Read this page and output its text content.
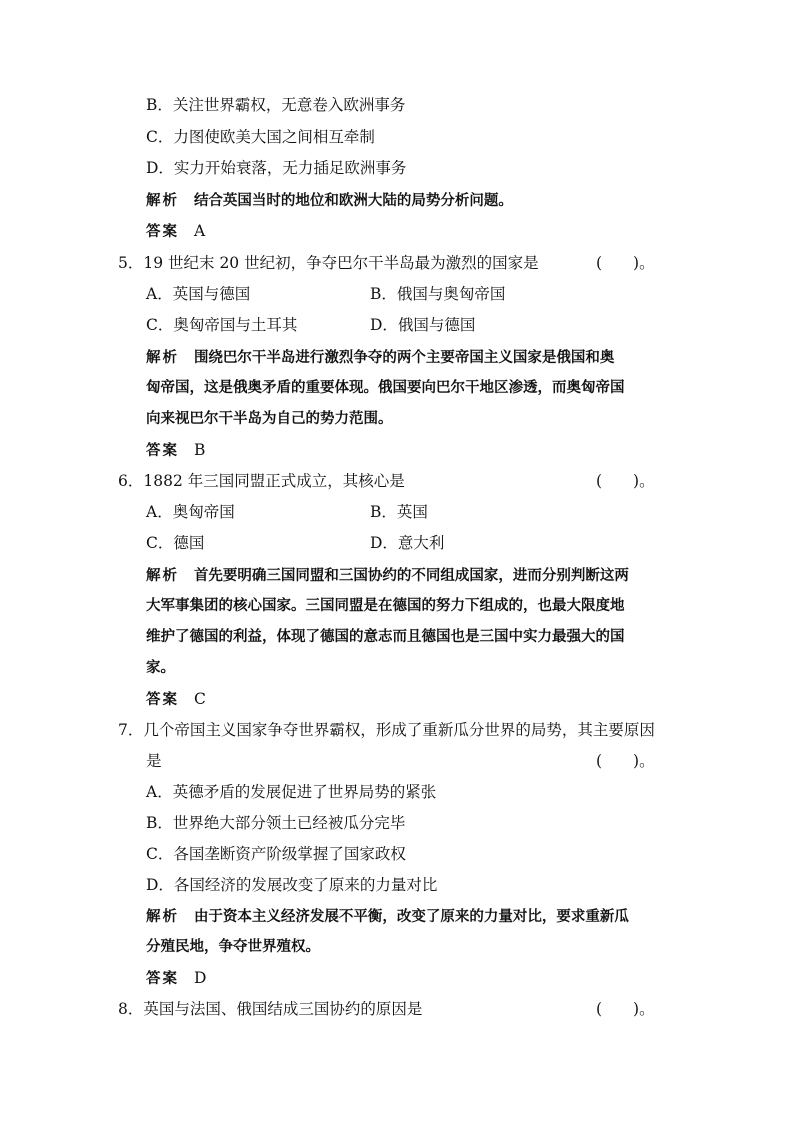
B．关注世界霸权，无意卷入欧洲事务
C．力图使欧美大国之间相互牵制
D．实力开始衰落，无力插足欧洲事务
解析 结合英国当时的地位和欧洲大陆的局势分析问题。
答案 A
5．19 世纪末 20 世纪初，争夺巴尔干半岛最为激烈的国家是	(　　)。
A．英国与德国	B．俄国与奥匈帝国
C．奥匈帝国与土耳其	D．俄国与德国
解析 围绕巴尔干半岛进行激烈争夺的两个主要帝国主义国家是俄国和奥
匈帝国，这是俄奥矛盾的重要体现。俄国要向巴尔干地区渗透，而奥匈帝国
向来视巴尔干半岛为自己的势力范围。
答案 B
6．1882 年三国同盟正式成立，其核心是	(　　)。
A．奥匈帝国	B．英国
C．德国	D．意大利
解析 首先要明确三国同盟和三国协约的不同组成国家，进而分别判断这两
大军事集团的核心国家。三国同盟是在德国的努力下组成的，也最大限度地
维护了德国的利益，体现了德国的意志而且德国也是三国中实力最强大的国
家。
答案 C
7．几个帝国主义国家争夺世界霸权，形成了重新瓜分世界的局势，其主要原因
是	(　　)。
A．英德矛盾的发展促进了世界局势的紧张
B．世界绝大部分领土已经被瓜分完毕
C．各国垄断资产阶级掌握了国家政权
D．各国经济的发展改变了原来的力量对比
解析 由于资本主义经济发展不平衡，改变了原来的力量对比，要求重新瓜
分殖民地，争夺世界殖权。
答案 D
8．英国与法国、俄国结成三国协约的原因是	(　　)。
